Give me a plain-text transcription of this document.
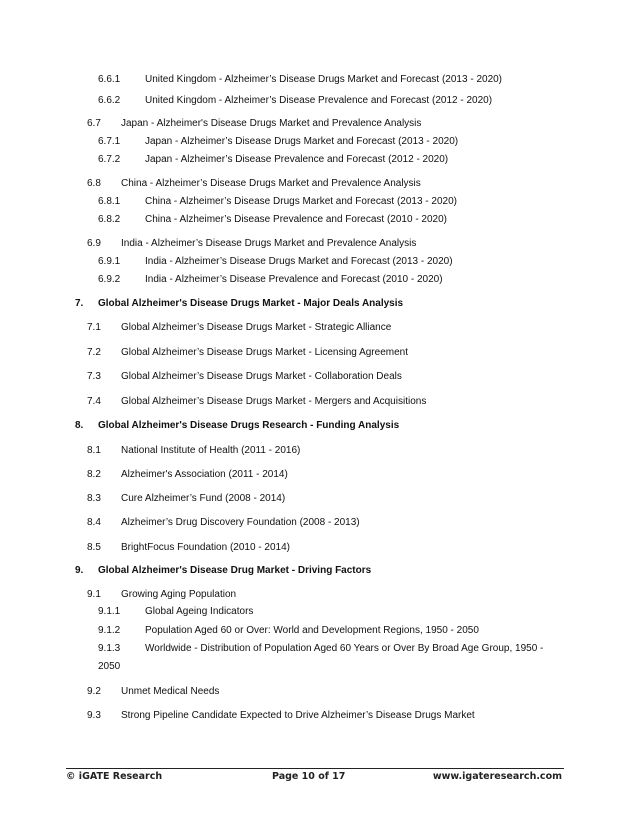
6.6.1 United Kingdom - Alzheimer’s Disease Drugs Market and Forecast (2013 - 2020)
6.6.2 United Kingdom - Alzheimer’s Disease Prevalence and Forecast (2012 - 2020)
6.7 Japan - Alzheimer's Disease Drugs Market and Prevalence Analysis
6.7.1 Japan - Alzheimer’s Disease Drugs Market and Forecast (2013 - 2020)
6.7.2 Japan - Alzheimer’s Disease Prevalence and Forecast (2012 - 2020)
6.8 China - Alzheimer’s Disease Drugs Market and Prevalence Analysis
6.8.1 China - Alzheimer’s Disease Drugs Market and Forecast (2013 - 2020)
6.8.2 China - Alzheimer’s Disease Prevalence and Forecast (2010 - 2020)
6.9 India - Alzheimer’s Disease Drugs Market and Prevalence Analysis
6.9.1 India - Alzheimer’s Disease Drugs Market and Forecast (2013 - 2020)
6.9.2 India - Alzheimer’s Disease Prevalence and Forecast (2010 - 2020)
7. Global Alzheimer's Disease Drugs Market - Major Deals Analysis
7.1 Global Alzheimer’s Disease Drugs Market - Strategic Alliance
7.2 Global Alzheimer’s Disease Drugs Market - Licensing Agreement
7.3 Global Alzheimer’s Disease Drugs Market - Collaboration Deals
7.4 Global Alzheimer’s Disease Drugs Market - Mergers and Acquisitions
8. Global Alzheimer's Disease Drugs Research - Funding Analysis
8.1 National Institute of Health (2011 - 2016)
8.2 Alzheimer's Association (2011 - 2014)
8.3 Cure Alzheimer’s Fund (2008 - 2014)
8.4 Alzheimer’s Drug Discovery Foundation (2008 - 2013)
8.5 BrightFocus Foundation (2010 - 2014)
9. Global Alzheimer's Disease Drug Market - Driving Factors
9.1 Growing Aging Population
9.1.1 Global Ageing Indicators
9.1.2 Population Aged 60 or Over: World and Development Regions, 1950 - 2050
9.1.3 Worldwide - Distribution of Population Aged 60 Years or Over By Broad Age Group, 1950 -
2050
9.2 Unmet Medical Needs
9.3 Strong Pipeline Candidate Expected to Drive Alzheimer’s Disease Drugs Market
© iGATE Research	Page 10 of 17	www.igateresearch.com
